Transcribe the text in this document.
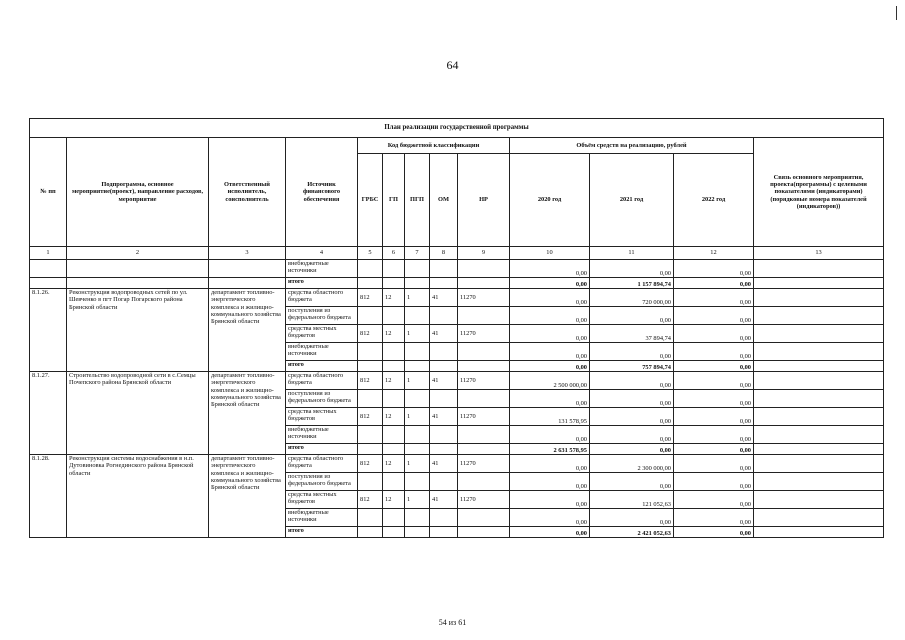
64
План реализации государственной программы												
№ пп	Подпрограмма, основное мероприятие(проект), направление расходов, мероприятие	Ответственный исполнитель, соисполнитель	Источник финансового обеспечения	Код бюджетной классификации					Объём средств на реализацию, рублей			Связь основного мероприятия, проекта(программы) с целевыми показателями (индикаторами) (порядковые номера показателей (индикаторов))
				ГРБС	ГП	ПГП	ОМ	НР	2020 год	2021 год	2022 год	
1	2	3	4	5	6	7	8	9	10	11	12	13
			внебюджетные источники						0,00	0,00	0,00	
			итого						0,00	1 157 894,74	0,00	
8.1.26.	Реконструкция водопроводных сетей по ул. Шевченко в пгт Погар Погарского района Брянской области	департамент топливно-энергетического комплекса и жилищно-коммунального хозяйства Брянской области	средства областного бюджета	812	12	1	41	11270	0,00	720 000,00	0,00	
			поступления из федерального бюджета						0,00	0,00	0,00	
			средства местных бюджетов	812	12	1	41	11270	0,00	37 894,74	0,00	
			внебюджетные источники						0,00	0,00	0,00	
			итого						0,00	757 894,74	0,00	
8.1.27.	Строительство водопроводной сети в с.Семцы Почепского района Брянской области	департамент топливно-энергетического комплекса и жилищно-коммунального хозяйства Брянской области	средства областного бюджета	812	12	1	41	11270	2 500 000,00	0,00	0,00	
			поступления из федерального бюджета						0,00	0,00	0,00	
			средства местных бюджетов	812	12	1	41	11270	131 578,95	0,00	0,00	
			внебюджетные источники						0,00	0,00	0,00	
			итого						2 631 578,95	0,00	0,00	
8.1.28.	Реконструкция системы водоснабжения в н.п. Дутовиновка Рогнединского района Брянской области	департамент топливно-энергетического комплекса и жилищно-коммунального хозяйства Брянской области	средства областного бюджета	812	12	1	41	11270	0,00	2 300 000,00	0,00	
			поступления из федерального бюджета						0,00	0,00	0,00	
			средства местных бюджетов	812	12	1	41	11270	0,00	121 052,63	0,00	
			внебюджетные источники						0,00	0,00	0,00	
			итого						0,00	2 421 052,63	0,00	
54 из 61
